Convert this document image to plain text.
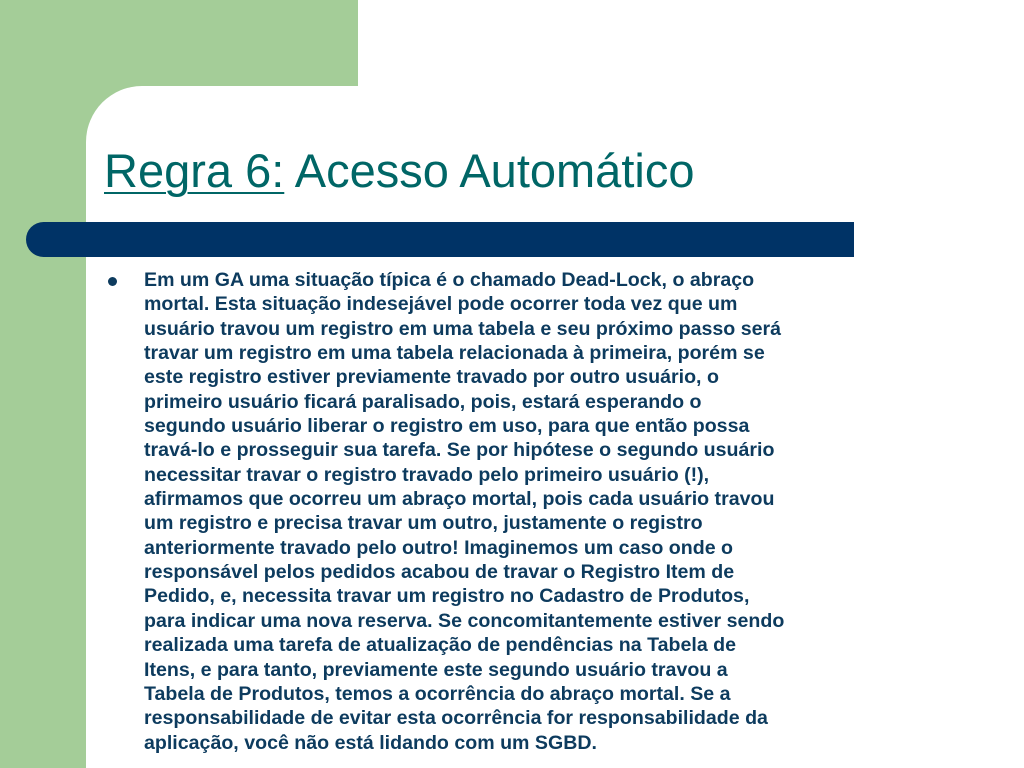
Regra 6: Acesso Automático

Em um GA uma situação típica é o chamado Dead-Lock, o abraço
mortal. Esta situação indesejável pode ocorrer toda vez que um
usuário travou um registro em uma tabela e seu próximo passo será
travar um registro em uma tabela relacionada à primeira, porém se
este registro estiver previamente travado por outro usuário, o
primeiro usuário ficará paralisado, pois, estará esperando o
segundo usuário liberar o registro em uso, para que então possa
travá-lo e prosseguir sua tarefa. Se por hipótese o segundo usuário
necessitar travar o registro travado pelo primeiro usuário (!),
afirmamos que ocorreu um abraço mortal, pois cada usuário travou
um registro e precisa travar um outro, justamente o registro
anteriormente travado pelo outro! Imaginemos um caso onde o
responsável pelos pedidos acabou de travar o Registro Item de
Pedido, e, necessita travar um registro no Cadastro de Produtos,
para indicar uma nova reserva. Se concomitantemente estiver sendo
realizada uma tarefa de atualização de pendências na Tabela de
Itens, e para tanto, previamente este segundo usuário travou a
Tabela de Produtos, temos a ocorrência do abraço mortal. Se a
responsabilidade de evitar esta ocorrência for responsabilidade da
aplicação, você não está lidando com um SGBD.
